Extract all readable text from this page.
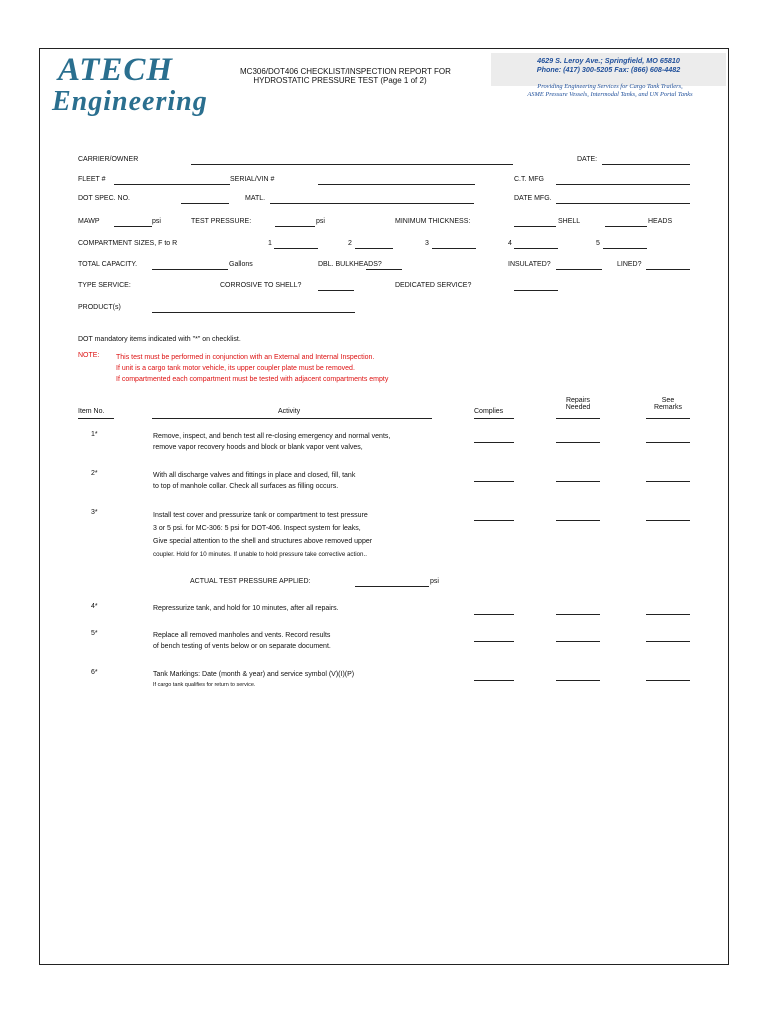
ATECH
Engineering
MC306/DOT406 CHECKLIST/INSPECTION REPORT FOR
HYDROSTATIC PRESSURE TEST (Page 1 of 2)
4629 S. Leroy Ave.; Springfield, MO 65810
Phone: (417) 300-5205 Fax: (866) 608-4482
Providing Engineering Services for Cargo Tank Trailers,
ASME Pressure Vessels, Intermodal Tanks, and UN Portal Tanks
CARRIER/OWNER	DATE:
FLEET #	SERIAL/VIN #	C.T. MFG
DOT SPEC. NO.	MATL.	DATE MFG.
MAWP	psi	TEST PRESSURE:	psi	MINIMUM THICKNESS:	SHELL	HEADS
COMPARTMENT SIZES, F to R	1	2	3	4	5
TOTAL CAPACITY.	Gallons	DBL. BULKHEADS?	INSULATED?	LINED?
TYPE SERVICE:	CORROSIVE TO SHELL?	DEDICATED SERVICE?
PRODUCT(s)
DOT mandatory items indicated with "*" on checklist.
NOTE: This test must be performed in conjunction with an External and Internal Inspection.
If unit is a cargo tank motor vehicle, its upper coupler plate must be removed.
If compartmented each compartment must be tested with adjacent compartments empty
Item No.	Activity	Complies
Repairs
Needed
See
Remarks
1*	Remove, inspect, and bench test all re-closing emergency and normal vents,
remove vapor recovery hoods and block or blank vapor vent valves,
2*	With all discharge valves and fittings in place and closed, fill, tank
to top of manhole collar. Check all surfaces as filling occurs.
3*	Install test cover and pressurize tank or compartment to test pressure
3 or 5 psi. for MC-306: 5 psi for DOT-406. Inspect system for leaks,
Give special attention to the shell and structures above removed upper
coupler. Hold for 10 minutes. If unable to hold pressure take corrective action..
4*	Repressurize tank, and hold for 10 minutes, after all repairs.
5*	Replace all removed manholes and vents. Record results
of bench testing of vents below or on separate document.
6*	Tank Markings: Date (month & year) and service symbol (V)(I)(P)
If cargo tank qualifies for return to service.
ACTUAL TEST PRESSURE APPLIED:	psi
